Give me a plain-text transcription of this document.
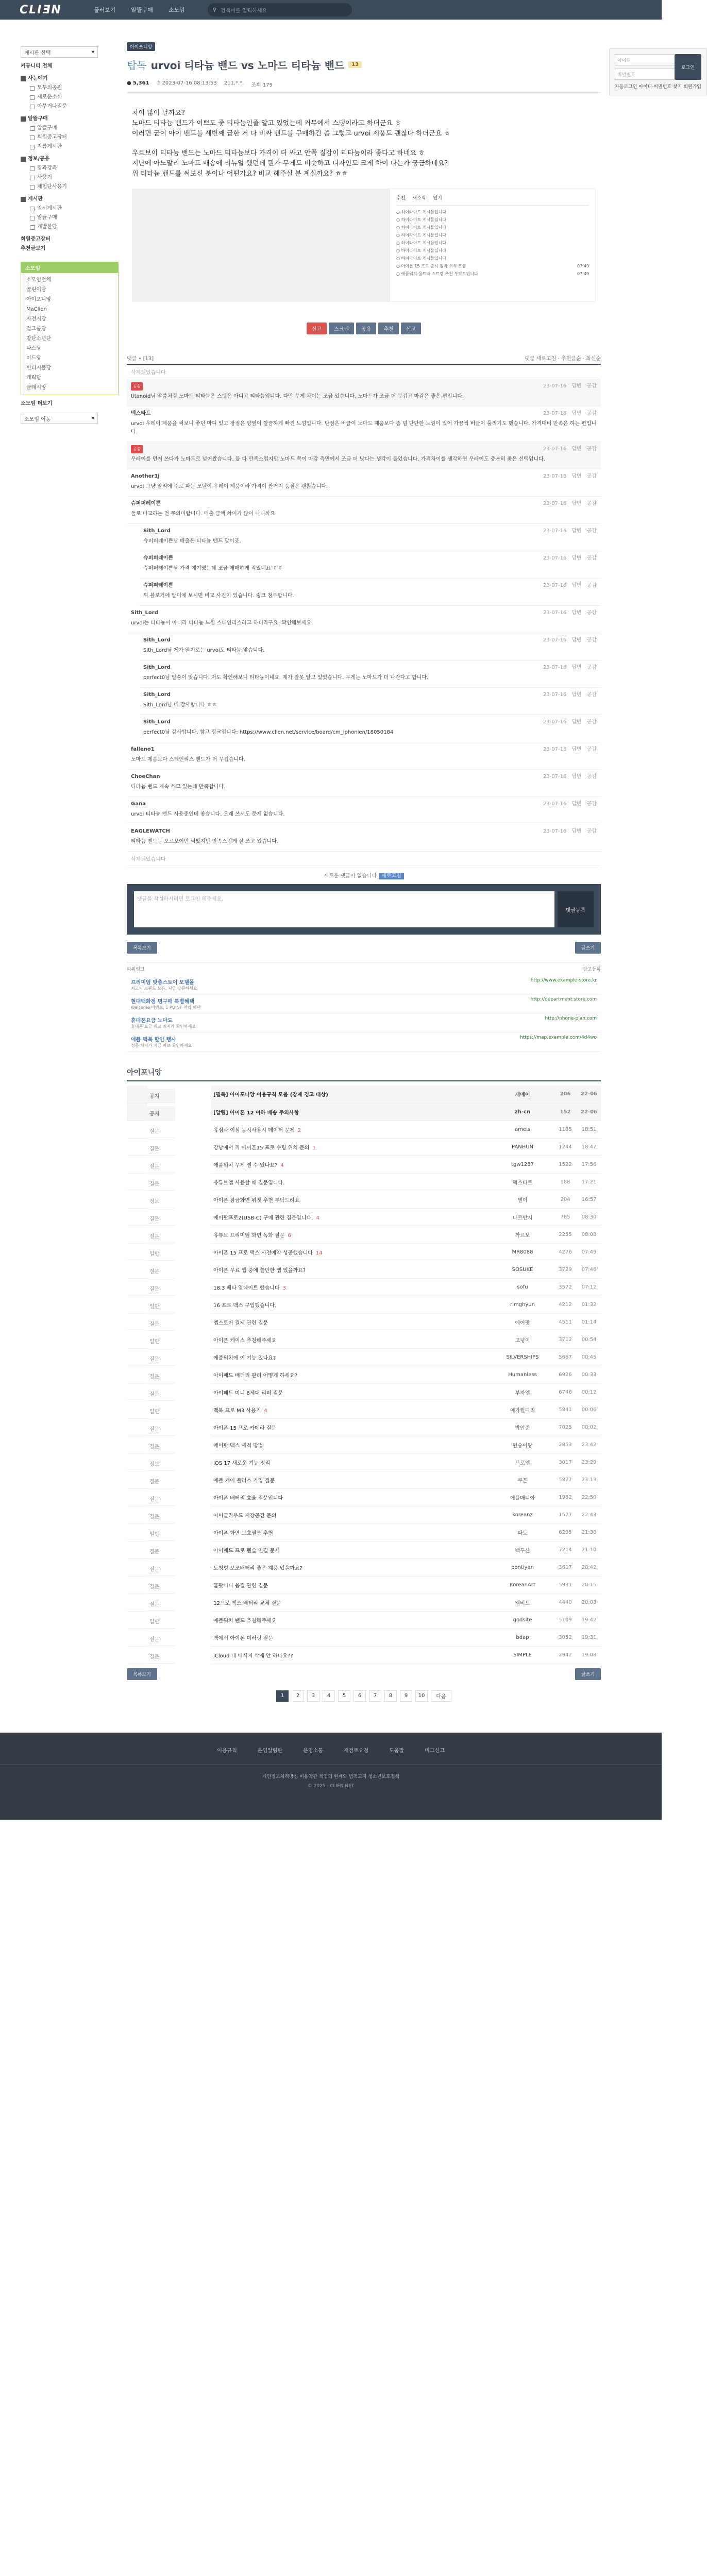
CLIƎN	둘러보기	알뜰구매	소모임	⚲ 검색어를 입력하세요
게시판 선택	▾
커뮤니티 전체
사는얘기
모두의공원
새로운소식
아무거나질문
알뜰구매
알뜰구매
회원중고장터
지름게시판
정보/공유
팁과강좌
사용기
체험단사용기
게시판
임시게시판
알뜰구매
개발한당
회원중고장터
추천글보기
소모임
소모임전체
골린이당
아이포니앙
MaClien
자전거당
걸그룹당
방탄소년단
나스당
미드당
빈티지볼당
캐릭당
클래시앙
소모임 더보기
소모임 이동	▾
아이포니앙
탑독 urvoi 티타늄 밴드 vs 노마드 티타늄 밴드	13
● 5,361 ⏱ 2023-07-16 08:13:53 211.*.*. 조회 179

차이 많이 날까요?
노마드 티타늄 밴드가 이쁘도 좋 티타늄인줄 알고 있었는데 커뮤에서 스댕이라고 하더군요 ㅎ
이러면 굳이 아이 밴드를 세번째 급한 거 다 비싸 밴드를 구매하긴 좀 그렇고 urvoi 제품도 괜찮다 하더군요 ㅎ

우르보이 티타늄 밴드는 노마드 티타늄보다 가격이 더 싸고 안쪽 질감이 티타늄이라 좋다고 하네요 ㅎ
지난에 아노말리 노마드 배송에 리뉴얼 했던데 뭔가 무게도 비슷하고 디자인도 크게 차이 나는가 궁금하네요?
위 티타늄 밴드를 써보신 분이나 어떤가요? 비교 해주실 분 계실까요? ㅎㅎ

추천 새소식 인기
○ 하이라이트 게시물입니다
○ 하이라이트 게시물입니다
○ 하이라이트 게시물입니다
○ 하이라이트 게시물입니다
○ 하이라이트 게시물입니다
○ 하이라이트 게시물입니다
○ 하이라이트 게시물입니다
○ 아이폰 15 프로 출시 임박 소식 모음	07:49
○ 애플워치 울트라 스트랩 추천 부탁드립니다	07:49
신고	스크랩	공유	추천	신고
댓글 • [13]	댓글 새로고침 · 추천글순 · 최신순
삭제되었습니다
공감	23-07-16 답변 공감
titanoid님 말씀처럼 노마드 티타늄은 스댕은 아니고 티타늄입니다. 다만 무게 차이는 조금 있습니다. 노마드가 조금 더 무겁고 마감은 좋은 편입니다.
맥스타트	23-07-16 답변 공감
urvoi 우레이 제품을 써보니 좋던 마디 있고 장점은 양옆이 깔끔하게 빠진 느낌입니다. 단점은 버클이 노마드 제품보다 좀 덜 단단한 느낌이 있어 가끔씩 버클이 풀리기도 했습니다. 가격대비 만족은 하는 편입니다.
공감	23-07-16 답변 공감
우레이를 먼저 쓰다가 노마드로 넘어왔습니다. 둘 다 만족스럽지만 노마드 쪽이 마감 측면에서 조금 더 낫다는 생각이 들었습니다. 가격차이를 생각하면 우레이도 충분히 좋은 선택입니다.
Another1j	23-07-16 답변 공감
urvoi 그냥 알리에 주로 파는 모델이 우레이 제품이라 가격이 싼거지 품질은 괜찮습니다.
슈퍼퍼레이쁜	23-07-16 답변 공감
둘로 비교하는 건 무의미합니다. 매출 금액 차이가 많이 나니까요.
Sith_Lord	23-07-16 답변 공감
슈퍼퍼레이쁜님 매출은 티타늄 밴드 말이죠.
슈퍼퍼레이쁜	23-07-16 답변 공감
슈퍼퍼레이쁜님 가격 얘기였는데 조금 애매하게 적었네요 ㅎㅎ
슈퍼퍼레이쁜	23-07-16 답변 공감
위 블로거에 말미에 보시면 비교 사진이 있습니다. 링크 첨부합니다.
Sith_Lord	23-07-16 답변 공감
urvoi는 티타늄이 아니라 티타늄 느낌 스테인리스라고 하더라구요. 확인해보세요.
Sith_Lord	23-07-16 답변 공감
Sith_Lord님 제가 알기로는 urvoi도 티타늄 맞습니다.
Sith_Lord	23-07-16 답변 공감
perfect0님 말씀이 맞습니다. 저도 확인해보니 티타늄이네요. 제가 잘못 알고 있었습니다. 무게는 노마드가 더 나간다고 합니다.
Sith_Lord	23-07-16 답변 공감
Sith_Lord님 네 감사합니다 ㅎㅎ
Sith_Lord	23-07-16 답변 공감
perfect0님 감사합니다. 참고 링크입니다: https://www.clien.net/service/board/cm_iphonien/18050184
falleno1	23-07-16 답변 공감
노마드 제품보다 스테인리스 밴드가 더 무겁습니다.
ChoeChan	23-07-16 답변 공감
티타늄 밴드 계속 쓰고 있는데 만족합니다.
Gana	23-07-16 답변 공감
urvoi 티타늄 밴드 사용중인데 좋습니다. 오래 쓰셔도 문제 없습니다.
EAGLEWATCH	23-07-16 답변 공감
티타늄 밴드는 오르보이만 써봤지만 만족스럽게 잘 쓰고 있습니다.
삭제되었습니다
새로운 댓글이 없습니다 새로고침
댓글을 작성하시려면 로그인 해주세요.
댓글등록
목록보기	글쓰기
파워링크	광고등록
프리미엄 맞춤스토어 모델몰
최고의 브랜드 모음, 지금 방문하세요
http://www.example-store.kr
현대백화점 명구매 특별혜택
Welcome 이벤트, 1 POINT 적립 혜택
http://department.store.com
휴대폰요금 노마드
휴대폰 요금 비교 최저가 확인하세요
http://phone-plan.com
애플 맥북 할인 행사
정품 최저가 지금 바로 확인하세요
https://map.example.com/4d4wo
아이포니앙

공지	[필독] 아이포니앙 이용규칙 모음 (강제 경고 대상)	재매이	206	22-06

공지	[알림] 아이폰 12 이하 배송 주의사항	zh-cn	152	22-06

질문	유심과 이심 동시사용시 데이터 문제 2	ameis	1185	18:51

질문	강남에서 직 아이폰15 프로 수령 위치 문의 1	PANHUN	1244	18:47

질문	애플워치 무게 잴 수 있나요? 4	tgw1287	1522	17:56

질문	유튜브앱 사용할 때 질문입니다.	맥스타트	188	17:21

정보	아이폰 잠금화면 위젯 추천 부탁드려요	별이	204	16:57

질문	에어팟프로2(USB-C) 구매 관련 질문입니다. 4	나르반지	785	08:30

질문	유튜브 프리미엄 화면 녹화 질문 6	까르보	2255	08:08

일반	아이폰 15 프로 맥스 사전예약 성공했습니다 14	MR8088	4276	07:49

질문	아이폰 무료 앱 중에 쓸만한 앱 있을까요?	SOSUKE	3729	07:46

질문	18.3 베타 업데이트 했습니다 3	sofu	3572	07:12

일반	16 프로 맥스 구입했습니다.	rlmghyun	4212	01:32

질문	앱스토어 결제 관련 질문	에어팟	4511	01:14

일반	아이폰 케이스 추천해주세요	고녕이	3712	00:54

질문	애플워치에 이 기능 있나요?	SILVERSHIPS	5667	00:45

질문	아이패드 배터리 관리 어떻게 하세요?	Humanless	6926	00:33

질문	아이패드 미니 6세대 리퍼 질문	부자앱	6746	00:12

일반	맥북 프로 M3 사용기 4	예가릴디리	5841	00:06

질문	아이폰 15 프로 카메라 질문	박안준	7025	00:02

질문	에어팟 맥스 세척 방법	원숭이왕	2853	23:42

정보	iOS 17 새로운 기능 정리	프로앱	3017	23:29

질문	애플 케어 플러스 가입 질문	쿠폰	5877	23:13

질문	아이폰 배터리 효율 질문입니다	애플매니아	1982	22:50

질문	아이클라우드 저장공간 문의	koreanz	1577	22:43

일반	아이폰 화면 보호필름 추천	파도	6295	21:38

질문	아이패드 프로 펜슬 연결 문제	백두산	7214	21:10

질문	도청형 보조배터리 좋은 제품 있을까요?	pontiyan	3617	20:42

질문	홈팟미니 음질 관련 질문	KoreanArt	5931	20:15

질문	12프로 맥스 배터리 교체 질문	엘비트	4440	20:03

일반	애플워치 밴드 추천해주세요	godsite	5109	19:42

질문	맥에서 아이폰 미러링 질문	bdap	3052	19:31

질문	iCloud 내 메시지 삭제 안 하나요??	SIMPLE	2942	19:08
목록보기	글쓰기
1	2	3	4	5	6	7	8	9	10	다음
아이디
비밀번호
로그인
자동로그인 아이디·비밀번호 찾기 회원가입
이용규칙	운영알림판	운영소통	재검토요청	도움말	버그신고
개인정보처리방침 이용약관 책임의 한계와 법적고지 청소년보호정책
© 2025 · CLIEN.NET
